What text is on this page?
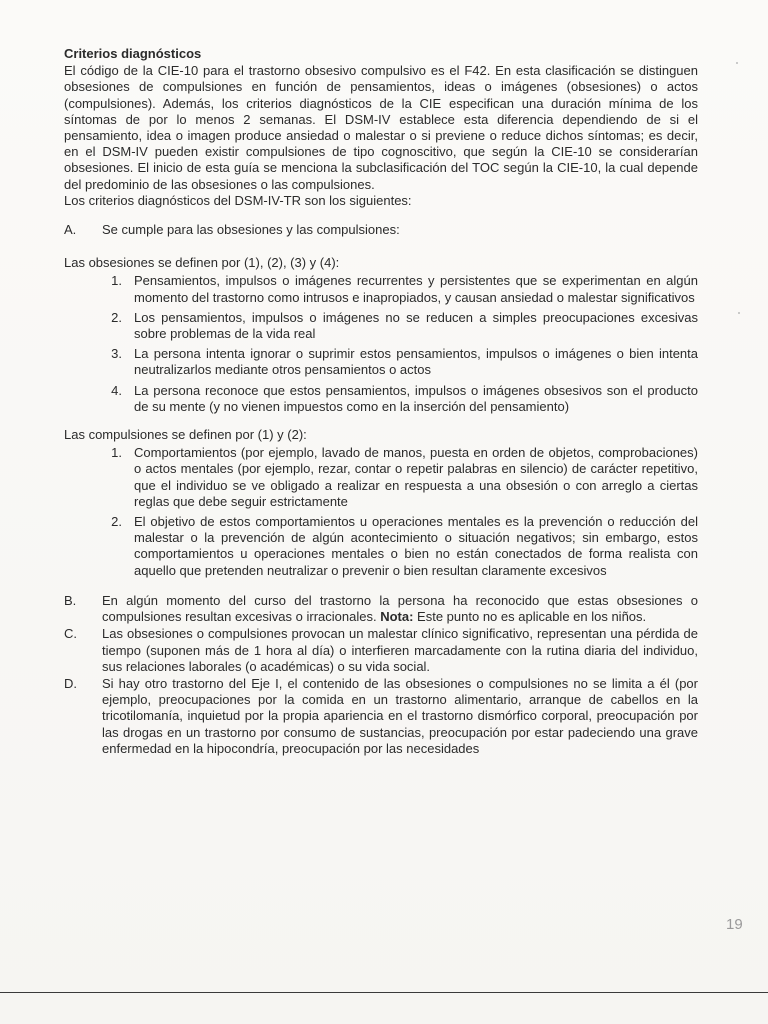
Criterios diagnósticos

El código de la CIE-10 para el trastorno obsesivo compulsivo es el F42. En esta clasificación se distinguen obsesiones de compulsiones en función de pensamientos, ideas o imágenes (obsesiones) o actos (compulsiones). Además, los criterios diagnósticos de la CIE especifican una duración mínima de los síntomas de por lo menos 2 semanas. El DSM-IV establece esta diferencia dependiendo de si el pensamiento, idea o imagen produce ansiedad o malestar o si previene o reduce dichos síntomas; es decir, en el DSM-IV pueden existir compulsiones de tipo cognoscitivo, que según la CIE-10 se considerarían obsesiones. El inicio de esta guía se menciona la subclasificación del TOC según la CIE-10, la cual depende del predominio de las obsesiones o las compulsiones.

Los criterios diagnósticos del DSM-IV-TR son los siguientes:

A.	Se cumple para las obsesiones y las compulsiones:

Las obsesiones se definen por (1), (2), (3) y (4):

1. Pensamientos, impulsos o imágenes recurrentes y persistentes que se experimentan en algún momento del trastorno como intrusos e inapropiados, y causan ansiedad o malestar significativos
2. Los pensamientos, impulsos o imágenes no se reducen a simples preocupaciones excesivas sobre problemas de la vida real
3. La persona intenta ignorar o suprimir estos pensamientos, impulsos o imágenes o bien intenta neutralizarlos mediante otros pensamientos o actos
4. La persona reconoce que estos pensamientos, impulsos o imágenes obsesivos son el producto de su mente (y no vienen impuestos como en la inserción del pensamiento)

Las compulsiones se definen por (1) y (2):

1. Comportamientos (por ejemplo, lavado de manos, puesta en orden de objetos, comprobaciones) o actos mentales (por ejemplo, rezar, contar o repetir palabras en silencio) de carácter repetitivo, que el individuo se ve obligado a realizar en respuesta a una obsesión o con arreglo a ciertas reglas que debe seguir estrictamente
2. El objetivo de estos comportamientos u operaciones mentales es la prevención o reducción del malestar o la prevención de algún acontecimiento o situación negativos; sin embargo, estos comportamientos u operaciones mentales o bien no están conectados de forma realista con aquello que pretenden neutralizar o prevenir o bien resultan claramente excesivos
B.	En algún momento del curso del trastorno la persona ha reconocido que estas obsesiones o compulsiones resultan excesivas o irracionales. Nota: Este punto no es aplicable en los niños.
C.	Las obsesiones o compulsiones provocan un malestar clínico significativo, representan una pérdida de tiempo (suponen más de 1 hora al día) o interfieren marcadamente con la rutina diaria del individuo, sus relaciones laborales (o académicas) o su vida social.
D.	Si hay otro trastorno del Eje I, el contenido de las obsesiones o compulsiones no se limita a él (por ejemplo, preocupaciones por la comida en un trastorno alimentario, arranque de cabellos en la tricotilomanía, inquietud por la propia apariencia en el trastorno dismórfico corporal, preocupación por las drogas en un trastorno por consumo de sustancias, preocupación por estar padeciendo una grave enfermedad en la hipocondría, preocupación por las necesidades
19
